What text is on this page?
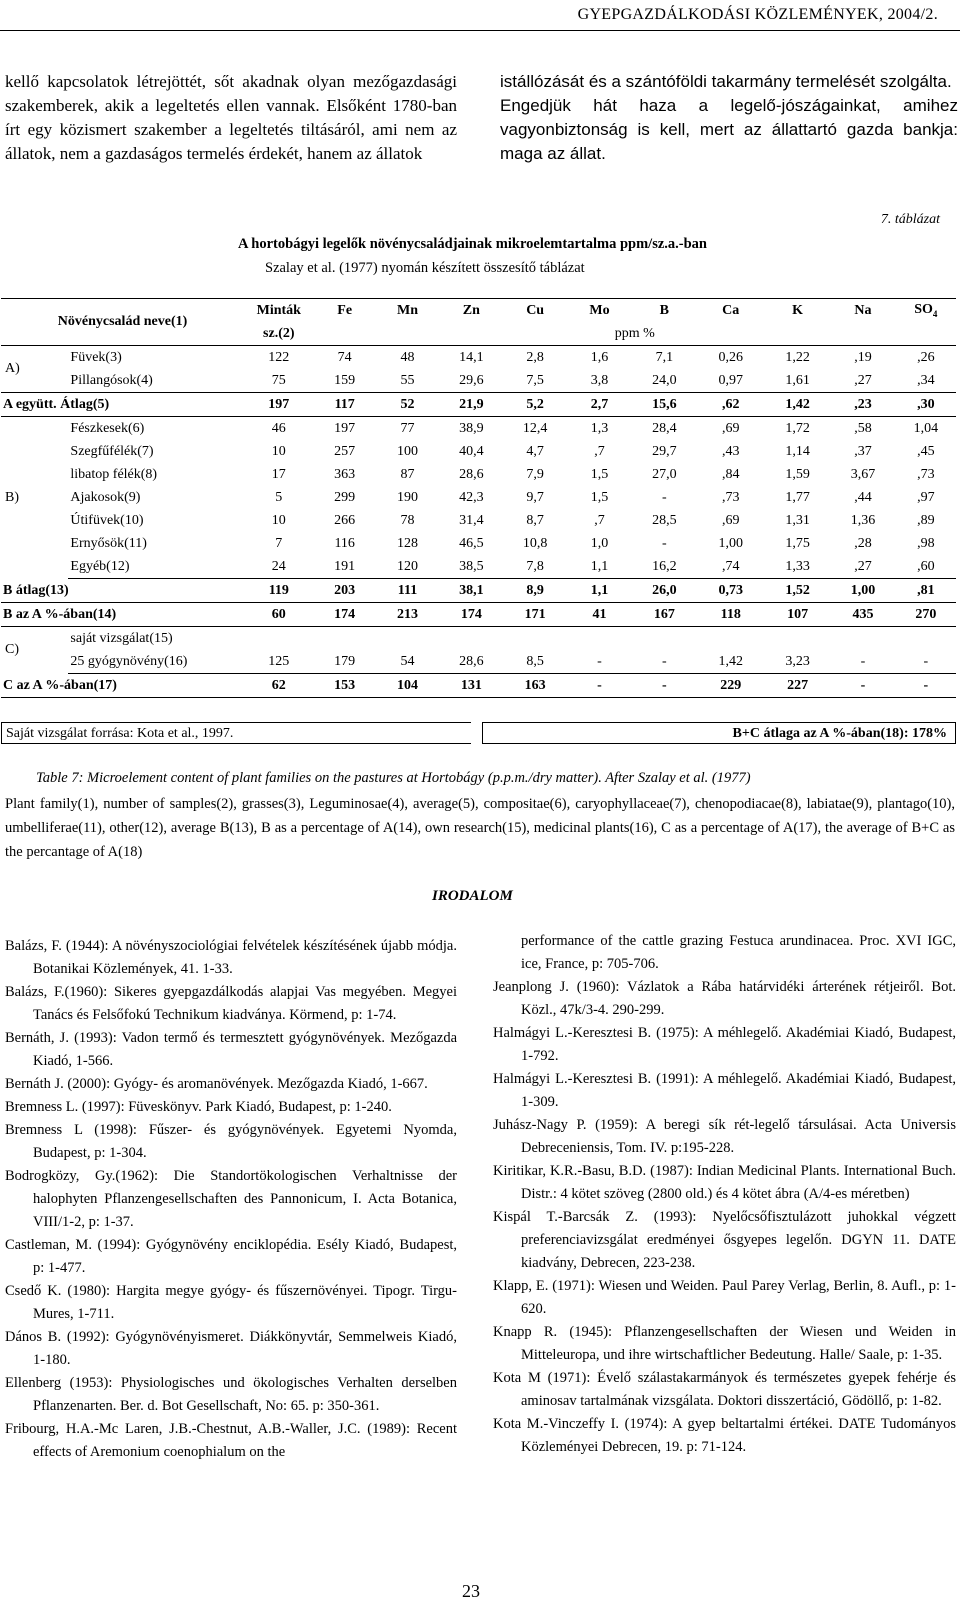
GYEPGAZDÁLKODÁSI KÖZLEMÉNYEK, 2004/2.
kellő kapcsolatok létrejöttét, sőt akadnak olyan mezőgazdasági szakemberek, akik a legeltetés ellen vannak. Elsőként 1780-ban írt egy közismert szakember a legeltetés tiltásáról, ami nem az állatok, nem a gazdaságos termelés érdekét, hanem az állatok

istállózását és a szántóföldi takarmány termelését szolgálta.

Engedjük hát haza a legelő-jószágainkat, amihez vagyonbiztonság is kell, mert az állattartó gazda bankja: maga az állat.

7. táblázat
A hortobágyi legelők növénycsaládjainak mikroelemtartalma ppm/sz.a.-ban
Szalay et al. (1977) nyomán készített összesítő táblázat
Növénycsalád neve(1)		Minták	Fe	Mn	Zn	Cu	Mo	B	Ca	K	Na	$SO_4$
		sz.(2)	ppm %									
A)	Füvek(3)	122	74	48	14,1	2,8	1,6	7,1	0,26	1,22	,19	,26
	Pillangósok(4)	75	159	55	29,6	7,5	3,8	24,0	0,97	1,61	,27	,34
A együtt. Átlag(5)		197	117	52	21,9	5,2	2,7	15,6	,62	1,42	,23	,30
B)	Fészkesek(6)	46	197	77	38,9	12,4	1,3	28,4	,69	1,72	,58	1,04
	Szegfűfélék(7)	10	257	100	40,4	4,7	,7	29,7	,43	1,14	,37	,45
	libatop félék(8)	17	363	87	28,6	7,9	1,5	27,0	,84	1,59	3,67	,73
	Ajakosok(9)	5	299	190	42,3	9,7	1,5	-	,73	1,77	,44	,97
	Útifüvek(10)	10	266	78	31,4	8,7	,7	28,5	,69	1,31	1,36	,89
	Ernyősök(11)	7	116	128	46,5	10,8	1,0	-	1,00	1,75	,28	,98
	Egyéb(12)	24	191	120	38,5	7,8	1,1	16,2	,74	1,33	,27	,60
B átlag(13)		119	203	111	38,1	8,9	1,1	26,0	0,73	1,52	1,00	,81
B az A %-ában(14)		60	174	213	174	171	41	167	118	107	435	270
C)	saját vizsgálat(15)											
	25 gyógynövény(16)	125	179	54	28,6	8,5	-	-	1,42	3,23	-	-
C az A %-ában(17)		62	153	104	131	163	-	-	229	227	-	-
Saját vizsgálat forrása: Kota et al., 1997.	B+C átlaga az A %-ában(18): 178%
Table 7: Microelement content of plant families on the pastures at Hortobágy (p.p.m./dry matter). After Szalay et al. (1977)
Plant family(1), number of samples(2), grasses(3), Leguminosae(4), average(5), compositae(6), caryophyllaceae(7), chenopodiacae(8), labiatae(9), plantago(10), umbelliferae(11), other(12), average B(13), B as a percentage of A(14), own research(15), medicinal plants(16), C as a percentage of A(17), the average of B+C as the percantage of A(18)
IRODALOM

Balázs, F. (1944): A növényszociológiai felvételek készítésének újabb módja. Botanikai Közlemények, 41. 1-33.

Balázs, F.(1960): Sikeres gyepgazdálkodás alapjai Vas megyében. Megyei Tanács és Felsőfokú Technikum kiadványa. Körmend, p: 1-74.

Bernáth, J. (1993): Vadon termő és termesztett gyógynövények. Mezőgazda Kiadó, 1-566.

Bernáth J. (2000): Gyógy- és aromanövények. Mezőgazda Kiadó, 1-667.

Bremness L. (1997): Füveskönyv. Park Kiadó, Budapest, p: 1-240.

Bremness L (1998): Fűszer- és gyógynövények. Egyetemi Nyomda, Budapest, p: 1-304.

Bodrogközy, Gy.(1962): Die Standortökologischen Verhaltnisse der halophyten Pflanzengesellschaften des Pannonicum, I. Acta Botanica, VIII/1-2, p: 1-37.

Castleman, M. (1994): Gyógynövény enciklopédia. Esély Kiadó, Budapest, p: 1-477.

Csedő K. (1980): Hargita megye gyógy- és fűszernövényei. Tipogr. Tirgu-Mures, 1-711.

Dános B. (1992): Gyógynövényismeret. Diákkönyvtár, Semmelweis Kiadó, 1-180.

Ellenberg (1953): Physiologisches und ökologisches Verhalten derselben Pflanzenarten. Ber. d. Bot Gesellschaft, No: 65. p: 350-361.

Fribourg, H.A.-Mc Laren, J.B.-Chestnut, A.B.-Waller, J.C. (1989): Recent effects of Aremonium coenophialum on the

performance of the cattle grazing Festuca arundinacea. Proc. XVI IGC, ice, France, p: 705-706.

Jeanplong J. (1960): Vázlatok a Rába határvidéki árterének rétjeiről. Bot. Közl., 47k/3-4. 290-299.

Halmágyi L.-Keresztesi B. (1975): A méhlegelő. Akadémiai Kiadó, Budapest, 1-792.

Halmágyi L.-Keresztesi B. (1991): A méhlegelő. Akadémiai Kiadó, Budapest, 1-309.

Juhász-Nagy P. (1959): A beregi sík rét-legelő társulásai. Acta Universis Debreceniensis, Tom. IV. p:195-228.

Kiritikar, K.R.-Basu, B.D. (1987): Indian Medicinal Plants. International Buch. Distr.: 4 kötet szöveg (2800 old.) és 4 kötet ábra (A/4-es méretben)

Kispál T.-Barcsák Z. (1993): Nyelőcsőfisztulázott juhokkal végzett preferenciavizsgálat eredményei ősgyepes legelőn. DGYN 11. DATE kiadvány, Debrecen, 223-238.

Klapp, E. (1971): Wiesen und Weiden. Paul Parey Verlag, Berlin, 8. Aufl., p: 1- 620.

Knapp R. (1945): Pflanzengesellschaften der Wiesen und Weiden in Mitteleuropa, und ihre wirtschaftlicher Bedeutung. Halle/ Saale, p: 1-35.

Kota M (1971): Évelő szálastakarmányok és természetes gyepek fehérje és aminosav tartalmának vizsgálata. Doktori disszertáció, Gödöllő, p: 1-82.

Kota M.-Vinczeffy I. (1974): A gyep beltartalmi értékei. DATE Tudományos Közleményei Debrecen, 19. p: 71-124.

23
